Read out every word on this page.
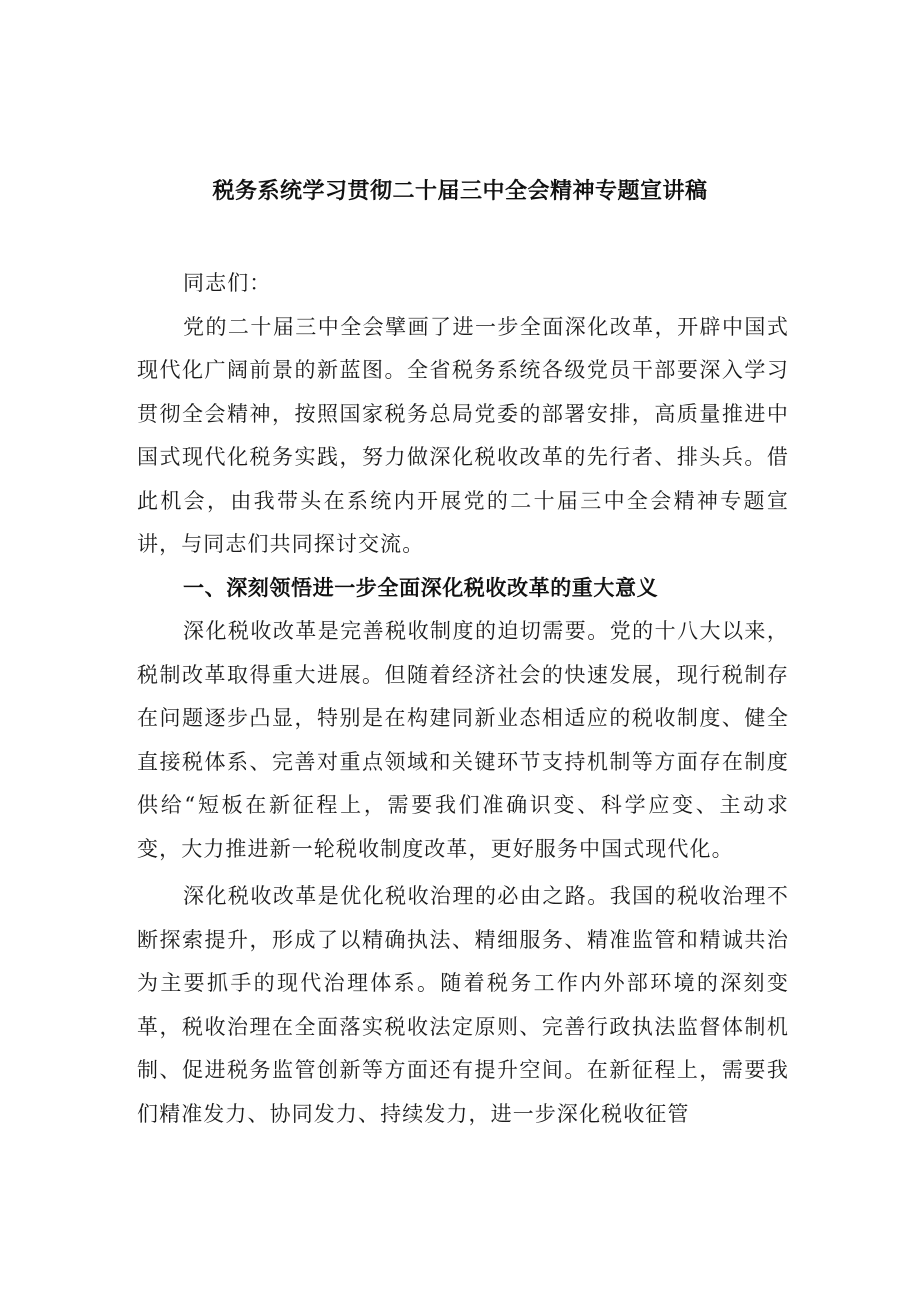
税务系统学习贯彻二十届三中全会精神专题宣讲稿

同志们：

党的二十届三中全会擘画了进一步全面深化改革，开辟中国式现代化广阔前景的新蓝图。全省税务系统各级党员干部要深入学习贯彻全会精神，按照国家税务总局党委的部署安排，高质量推进中国式现代化税务实践，努力做深化税收改革的先行者、排头兵。借此机会，由我带头在系统内开展党的二十届三中全会精神专题宣讲，与同志们共同探讨交流。

一、深刻领悟进一步全面深化税收改革的重大意义

深化税收改革是完善税收制度的迫切需要。党的十八大以来，税制改革取得重大进展。但随着经济社会的快速发展，现行税制存在问题逐步凸显，特别是在构建同新业态相适应的税收制度、健全直接税体系、完善对重点领域和关键环节支持机制等方面存在制度供给“短板在新征程上，需要我们准确识变、科学应变、主动求变，大力推进新一轮税收制度改革，更好服务中国式现代化。

深化税收改革是优化税收治理的必由之路。我国的税收治理不断探索提升，形成了以精确执法、精细服务、精准监管和精诚共治为主要抓手的现代治理体系。随着税务工作内外部环境的深刻变革，税收治理在全面落实税收法定原则、完善行政执法监督体制机制、促进税务监管创新等方面还有提升空间。在新征程上，需要我们精准发力、协同发力、持续发力，进一步深化税收征管
